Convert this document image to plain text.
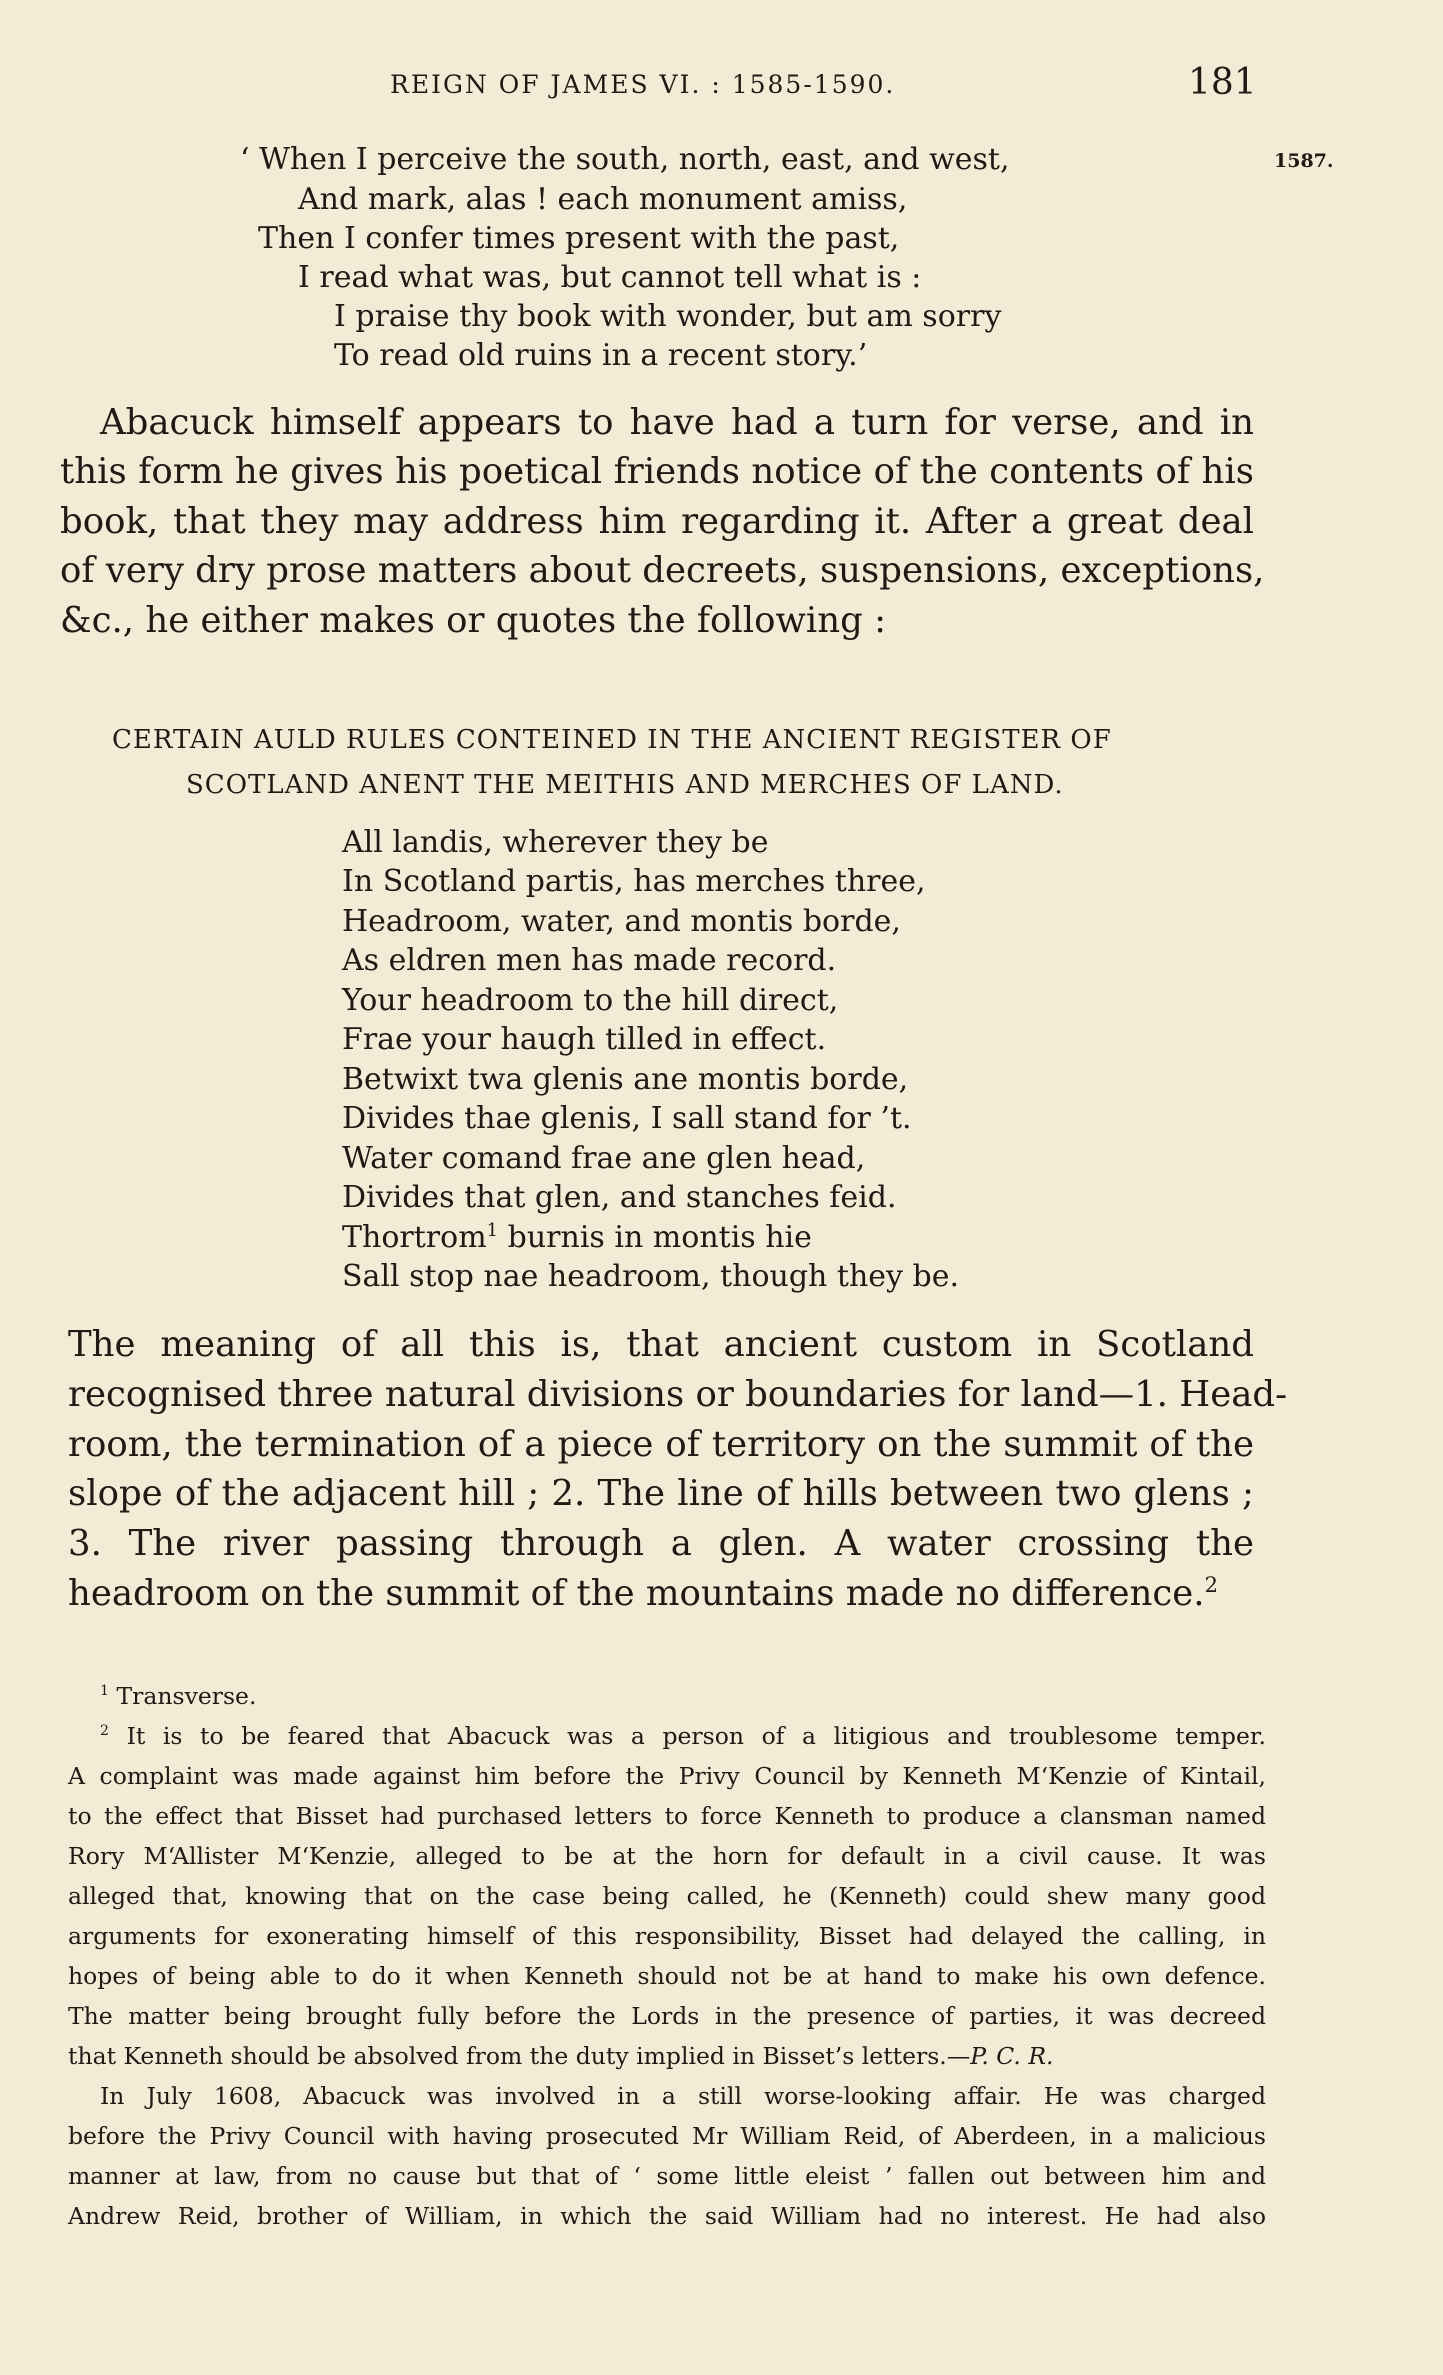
REIGN OF JAMES VI. : 1585-1590.	181
1587.
‘ When I perceive the south, north, east, and west,
And mark, alas ! each monument amiss,
Then I confer times present with the past,
I read what was, but cannot tell what is :
I praise thy book with wonder, but am sorry
To read old ruins in a recent story.’
Abacuck himself appears to have had a turn for verse, and in
this form he gives his poetical friends notice of the contents of his
book, that they may address him regarding it. After a great deal
of very dry prose matters about decreets, suspensions, exceptions,
&c., he either makes or quotes the following :
CERTAIN AULD RULES CONTEINED IN THE ANCIENT REGISTER OF
SCOTLAND ANENT THE MEITHIS AND MERCHES OF LAND.
All landis, wherever they be
In Scotland partis, has merches three,
Headroom, water, and montis borde,
As eldren men has made record.
Your headroom to the hill direct,
Frae your haugh tilled in effect.
Betwixt twa glenis ane montis borde,
Divides thae glenis, I sall stand for ’t.
Water comand frae ane glen head,
Divides that glen, and stanches feid.
Thortrom$^1$ burnis in montis hie
Sall stop nae headroom, though they be.
The meaning of all this is, that ancient custom in Scotland
recognised three natural divisions or boundaries for land—1. Head-
room, the termination of a piece of territory on the summit of the
slope of the adjacent hill ; 2. The line of hills between two glens ;
3. The river passing through a glen. A water crossing the
headroom on the summit of the mountains made no difference.$^2$
$^1$ Transverse.
$^2$ It is to be feared that Abacuck was a person of a litigious and troublesome temper.
A complaint was made against him before the Privy Council by Kenneth M‘Kenzie of Kintail,
to the effect that Bisset had purchased letters to force Kenneth to produce a clansman named
Rory M‘Allister M‘Kenzie, alleged to be at the horn for default in a civil cause. It was
alleged that, knowing that on the case being called, he (Kenneth) could shew many good
arguments for exonerating himself of this responsibility, Bisset had delayed the calling, in
hopes of being able to do it when Kenneth should not be at hand to make his own defence.
The matter being brought fully before the Lords in the presence of parties, it was decreed
that Kenneth should be absolved from the duty implied in Bisset’s letters.—P. C. R.
In July 1608, Abacuck was involved in a still worse-looking affair. He was charged
before the Privy Council with having prosecuted Mr William Reid, of Aberdeen, in a malicious
manner at law, from no cause but that of ‘ some little eleist ’ fallen out between him and
Andrew Reid, brother of William, in which the said William had no interest. He had also
